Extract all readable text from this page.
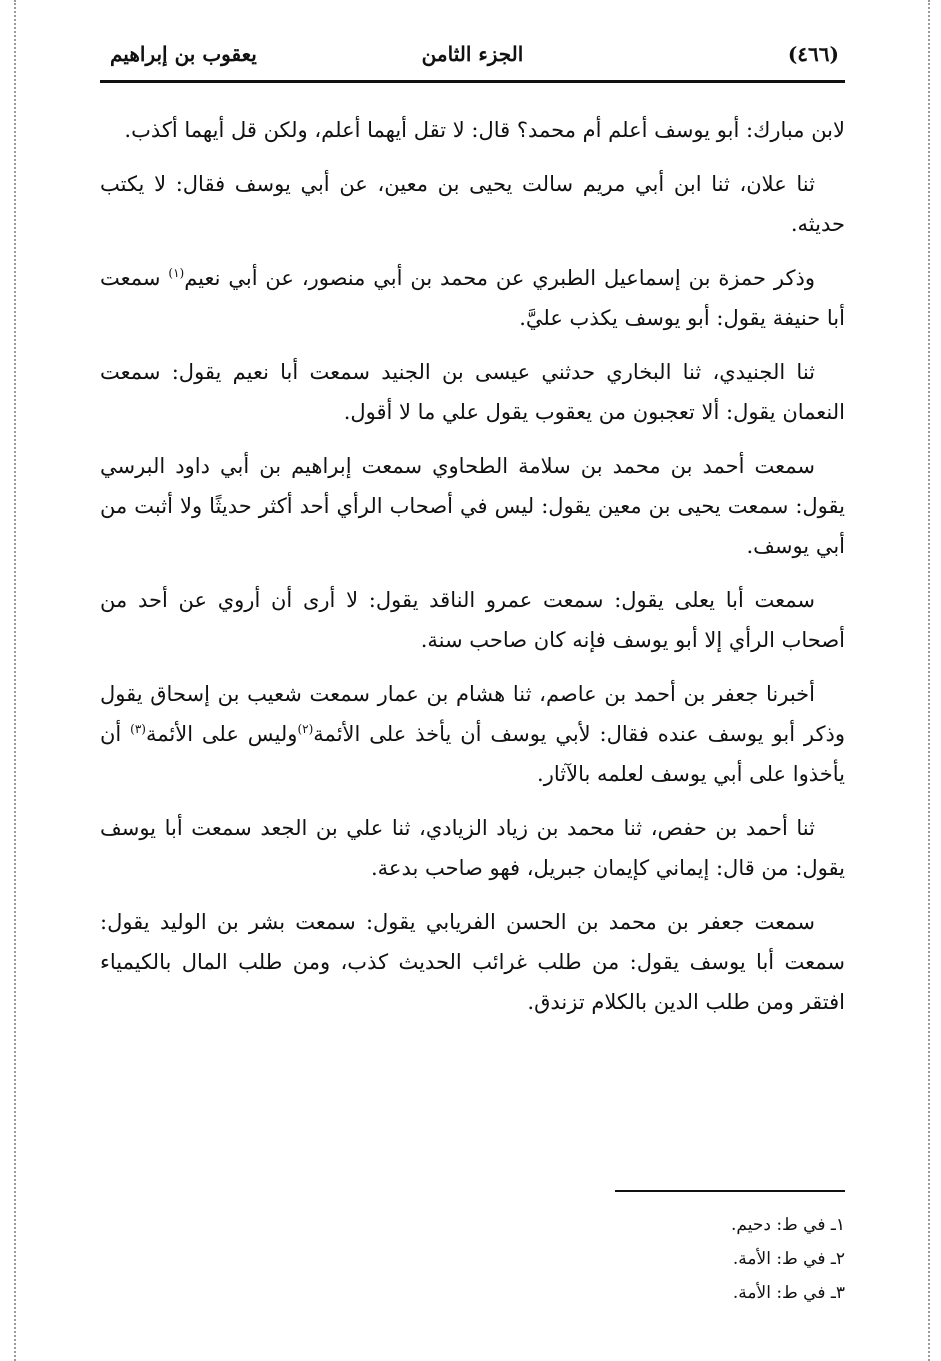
(٤٦٦)
الجزء الثامن
يعقوب بن إبراهيم

لابن مبارك: أبو يوسف أعلم أم محمد؟ قال: لا تقل أيهما أعلم، ولكن قل أيهما أكذب.

ثنا علان، ثنا ابن أبي مريم سالت يحيى بن معين، عن أبي يوسف فقال: لا يكتب حديثه.

وذكر حمزة بن إسماعيل الطبري عن محمد بن أبي منصور، عن أبي نعيم$^{(١)}$ سمعت أبا حنيفة يقول: أبو يوسف يكذب عليَّ.

ثنا الجنيدي، ثنا البخاري حدثني عيسى بن الجنيد سمعت أبا نعيم يقول: سمعت النعمان يقول: ألا تعجبون من يعقوب يقول علي ما لا أقول.

سمعت أحمد بن محمد بن سلامة الطحاوي سمعت إبراهيم بن أبي داود البرسي يقول: سمعت يحيى بن معين يقول: ليس في أصحاب الرأي أحد أكثر حديثًا ولا أثبت من أبي يوسف.

سمعت أبا يعلى يقول: سمعت عمرو الناقد يقول: لا أرى أن أروي عن أحد من أصحاب الرأي إلا أبو يوسف فإنه كان صاحب سنة.

أخبرنا جعفر بن أحمد بن عاصم، ثنا هشام بن عمار سمعت شعيب بن إسحاق يقول وذكر أبو يوسف عنده فقال: لأبي يوسف أن يأخذ على الأئمة$^{(٢)}$وليس على الأئمة$^{(٣)}$ أن يأخذوا على أبي يوسف لعلمه بالآثار.

ثنا أحمد بن حفص، ثنا محمد بن زياد الزيادي، ثنا علي بن الجعد سمعت أبا يوسف يقول: من قال: إيماني كإيمان جبريل، فهو صاحب بدعة.

سمعت جعفر بن محمد بن الحسن الفريابي يقول: سمعت بشر بن الوليد يقول: سمعت أبا يوسف يقول: من طلب غرائب الحديث كذب، ومن طلب المال بالكيمياء افتقر ومن طلب الدين بالكلام تزندق.

١ـ في ط: دحيم.
٢ـ في ط: الأمة.
٣ـ في ط: الأمة.
